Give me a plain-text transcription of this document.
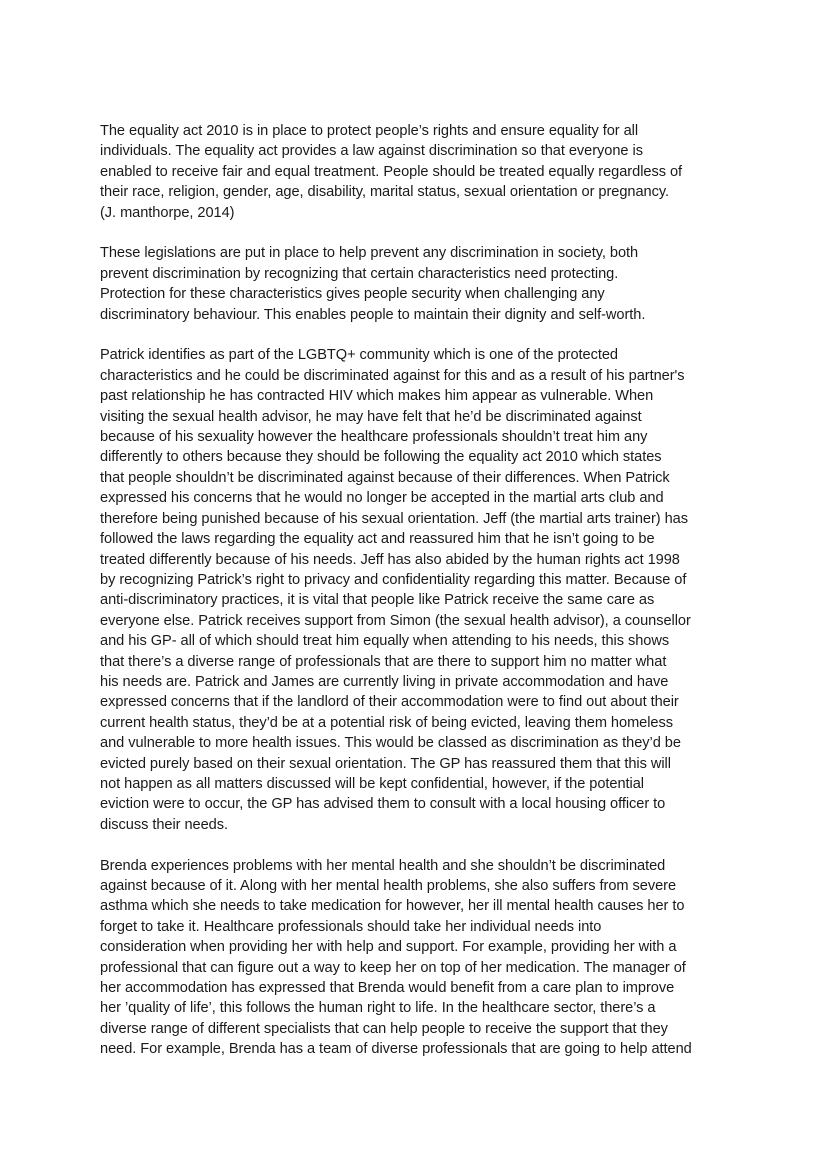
The equality act 2010 is in place to protect people’s rights and ensure equality for all
individuals. The equality act provides a law against discrimination so that everyone is
enabled to receive fair and equal treatment. People should be treated equally regardless of
their race, religion, gender, age, disability, marital status, sexual orientation or pregnancy.
(J. manthorpe, 2014)

These legislations are put in place to help prevent any discrimination in society, both
prevent discrimination by recognizing that certain characteristics need protecting.
Protection for these characteristics gives people security when challenging any
discriminatory behaviour. This enables people to maintain their dignity and self-worth.

Patrick identifies as part of the LGBTQ+ community which is one of the protected
characteristics and he could be discriminated against for this and as a result of his partner's
past relationship he has contracted HIV which makes him appear as vulnerable. When
visiting the sexual health advisor, he may have felt that he’d be discriminated against
because of his sexuality however the healthcare professionals shouldn’t treat him any
differently to others because they should be following the equality act 2010 which states
that people shouldn’t be discriminated against because of their differences. When Patrick
expressed his concerns that he would no longer be accepted in the martial arts club and
therefore being punished because of his sexual orientation. Jeff (the martial arts trainer) has
followed the laws regarding the equality act and reassured him that he isn’t going to be
treated differently because of his needs. Jeff has also abided by the human rights act 1998
by recognizing Patrick’s right to privacy and confidentiality regarding this matter. Because of
anti-discriminatory practices, it is vital that people like Patrick receive the same care as
everyone else. Patrick receives support from Simon (the sexual health advisor), a counsellor
and his GP- all of which should treat him equally when attending to his needs, this shows
that there’s a diverse range of professionals that are there to support him no matter what
his needs are. Patrick and James are currently living in private accommodation and have
expressed concerns that if the landlord of their accommodation were to find out about their
current health status, they’d be at a potential risk of being evicted, leaving them homeless
and vulnerable to more health issues. This would be classed as discrimination as they’d be
evicted purely based on their sexual orientation. The GP has reassured them that this will
not happen as all matters discussed will be kept confidential, however, if the potential
eviction were to occur, the GP has advised them to consult with a local housing officer to
discuss their needs.

Brenda experiences problems with her mental health and she shouldn’t be discriminated
against because of it. Along with her mental health problems, she also suffers from severe
asthma which she needs to take medication for however, her ill mental health causes her to
forget to take it. Healthcare professionals should take her individual needs into
consideration when providing her with help and support. For example, providing her with a
professional that can figure out a way to keep her on top of her medication. The manager of
her accommodation has expressed that Brenda would benefit from a care plan to improve
her ’quality of life’, this follows the human right to life. In the healthcare sector, there’s a
diverse range of different specialists that can help people to receive the support that they
need. For example, Brenda has a team of diverse professionals that are going to help attend
